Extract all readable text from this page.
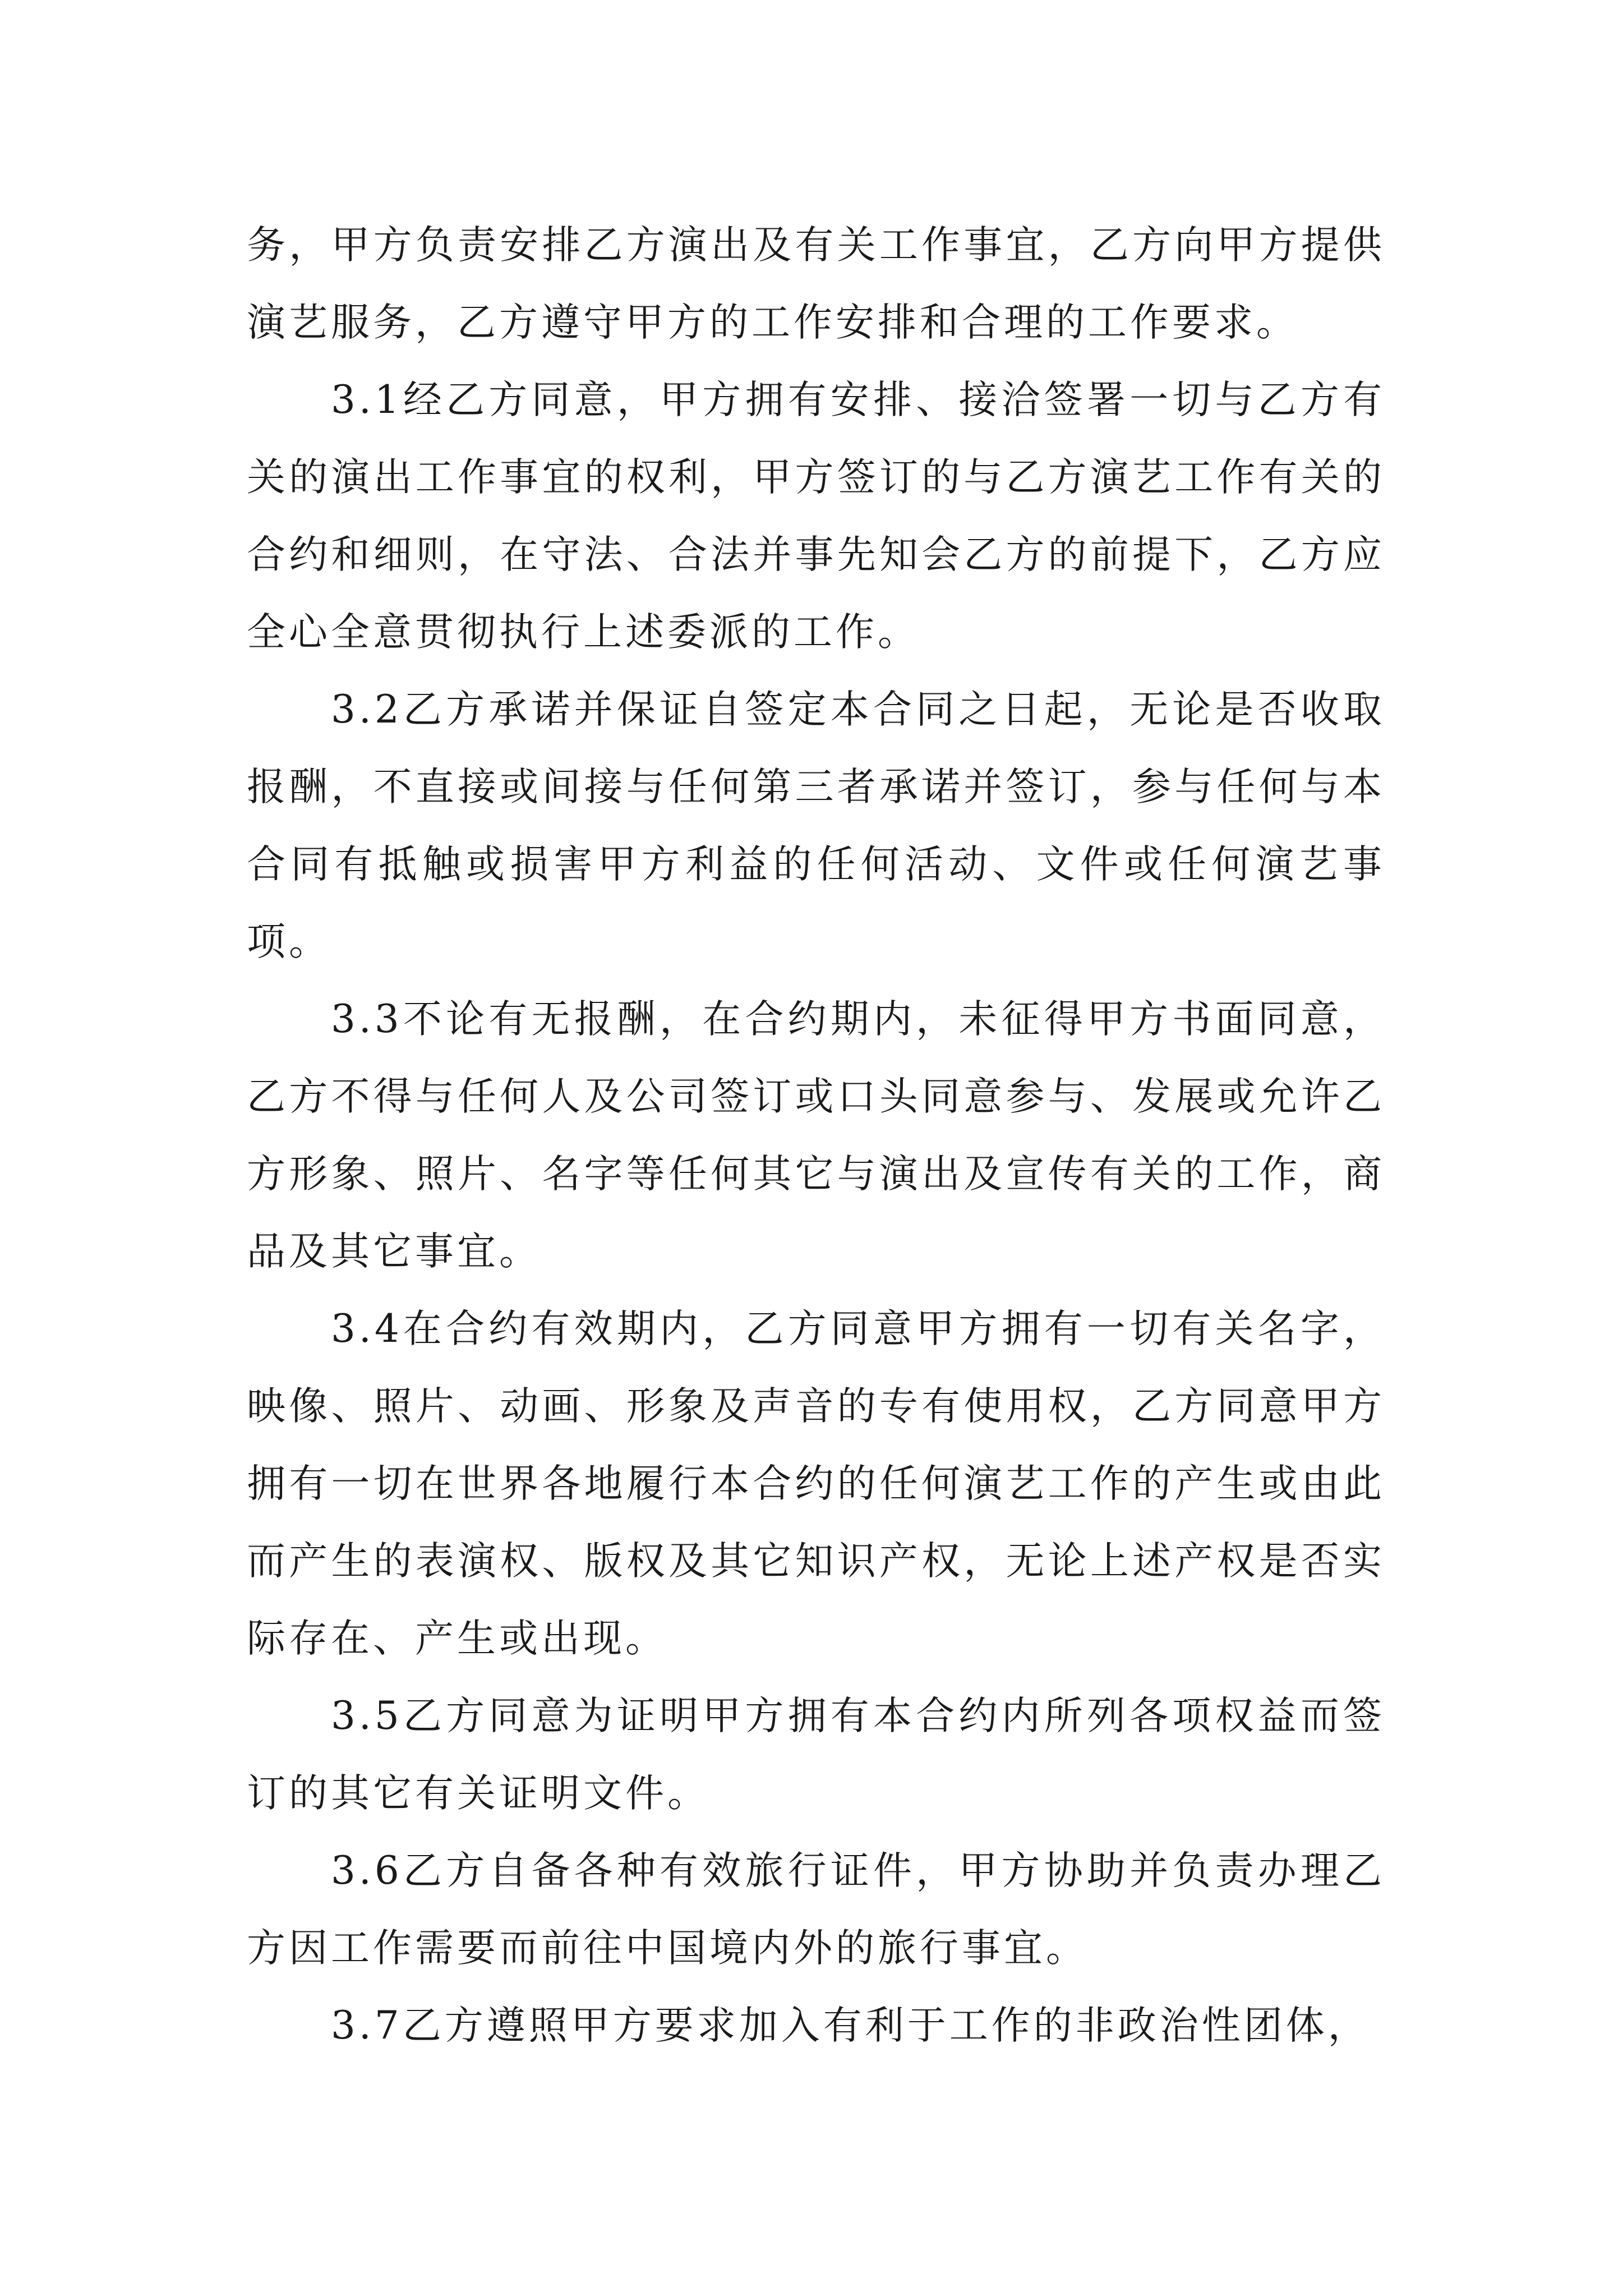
务，甲方负责安排乙方演出及有关工作事宜，乙方向甲方提供演艺服务，乙方遵守甲方的工作安排和合理的工作要求。

3.1经乙方同意，甲方拥有安排、接洽签署一切与乙方有关的演出工作事宜的权利，甲方签订的与乙方演艺工作有关的合约和细则，在守法、合法并事先知会乙方的前提下，乙方应全心全意贯彻执行上述委派的工作。

3.2乙方承诺并保证自签定本合同之日起，无论是否收取报酬，不直接或间接与任何第三者承诺并签订，参与任何与本合同有抵触或损害甲方利益的任何活动、文件或任何演艺事项。

3.3不论有无报酬，在合约期内，未征得甲方书面同意，乙方不得与任何人及公司签订或口头同意参与、发展或允许乙方形象、照片、名字等任何其它与演出及宣传有关的工作，商品及其它事宜。

3.4在合约有效期内，乙方同意甲方拥有一切有关名字，映像、照片、动画、形象及声音的专有使用权，乙方同意甲方拥有一切在世界各地履行本合约的任何演艺工作的产生或由此而产生的表演权、版权及其它知识产权，无论上述产权是否实际存在、产生或出现。

3.5乙方同意为证明甲方拥有本合约内所列各项权益而签订的其它有关证明文件。

3.6乙方自备各种有效旅行证件，甲方协助并负责办理乙方因工作需要而前往中国境内外的旅行事宜。

3.7乙方遵照甲方要求加入有利于工作的非政治性团体，
